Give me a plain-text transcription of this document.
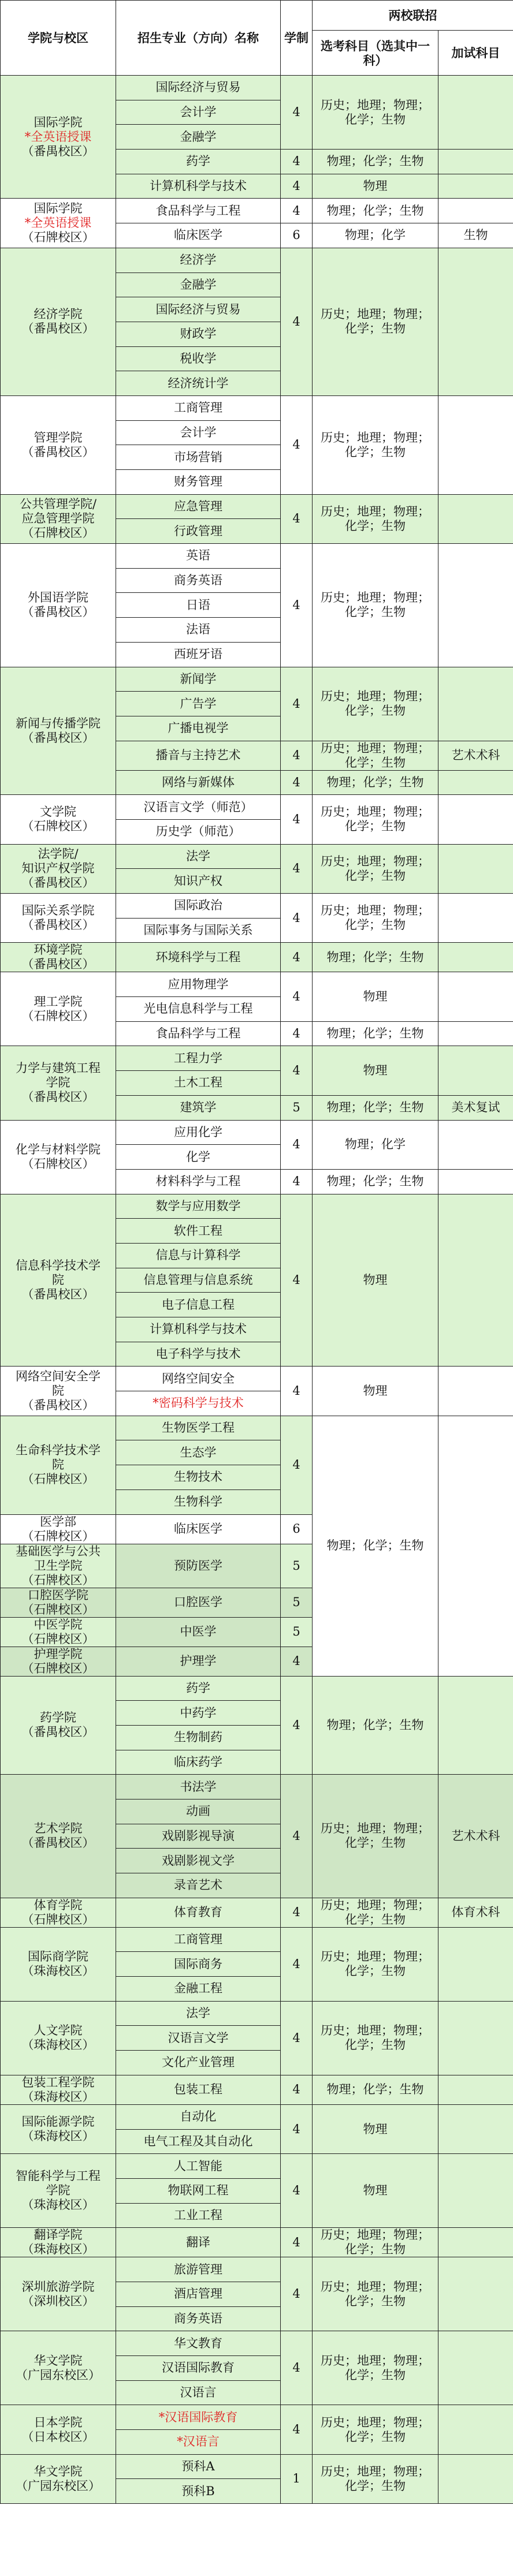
学院与校区	招生专业（方向）名称	学制	两校联招	
			选考科目（选其中一科）	加试科目

国际学院
*全英语授课
（番禺校区）	国际经济与贸易	4	历史；地理；物理；化学；生物	
	会计学			
	金融学			
	药学	4	物理；化学；生物	
	计算机科学与技术	4	物理	

国际学院
*全英语授课
（石牌校区）	食品科学与工程	4	物理；化学；生物	
	临床医学	6	物理；化学	生物

经济学院
（番禺校区）	经济学	4	历史；地理；物理；化学；生物	
	金融学			
	国际经济与贸易			
	财政学			
	税收学			
	经济统计学			

管理学院
（番禺校区）	工商管理	4	历史；地理；物理；化学；生物	
	会计学			
	市场营销			
	财务管理			

公共管理学院/
应急管理学院
（石牌校区）	应急管理	4	历史；地理；物理；化学；生物	
	行政管理			

外国语学院
（番禺校区）	英语	4	历史；地理；物理；化学；生物	
	商务英语			
	日语			
	法语			
	西班牙语			

新闻与传播学院
（番禺校区）	新闻学	4	历史；地理；物理；化学；生物	
	广告学			
	广播电视学			
	播音与主持艺术	4	历史；地理；物理；化学；生物	艺术术科
	网络与新媒体	4	物理；化学；生物	

文学院
（石牌校区）	汉语言文学（师范）	4	历史；地理；物理；化学；生物	
	历史学（师范）			

法学院/
知识产权学院
（番禺校区）	法学	4	历史；地理；物理；化学；生物	
	知识产权			

国际关系学院
（番禺校区）	国际政治	4	历史；地理；物理；化学；生物	
	国际事务与国际关系			

环境学院
（番禺校区）	环境科学与工程	4	物理；化学；生物	

理工学院
（石牌校区）	应用物理学	4	物理	
	光电信息科学与工程			
	食品科学与工程	4	物理；化学；生物	

力学与建筑工程
学院
（番禺校区）	工程力学	4	物理	
	土木工程			
	建筑学	5	物理；化学；生物	美术复试

化学与材料学院
（石牌校区）	应用化学	4	物理；化学	
	化学			
	材料科学与工程	4	物理；化学；生物	

信息科学技术学
院
（番禺校区）	数学与应用数学	4	物理	
	软件工程			
	信息与计算科学			
	信息管理与信息系统			
	电子信息工程			
	计算机科学与技术			
	电子科学与技术			

网络空间安全学
院
（番禺校区）	网络空间安全	4	物理	
	*密码科学与技术			

生命科学技术学
院
（石牌校区）	生物医学工程	4	物理；化学；生物	
	生态学			
	生物技术			
	生物科学			

医学部
（石牌校区）	临床医学	6		

基础医学与公共
卫生学院
（石牌校区）	预防医学	5		

口腔医学院
（石牌校区）	口腔医学	5		

中医学院
（石牌校区）	中医学	5		

护理学院
（石牌校区）	护理学	4		

药学院
（番禺校区）	药学	4	物理；化学；生物	
	中药学			
	生物制药			
	临床药学			

艺术学院
（番禺校区）	书法学	4	历史；地理；物理；化学；生物	艺术术科
	动画			
	戏剧影视导演			
	戏剧影视文学			
	录音艺术			

体育学院
（石牌校区）	体育教育	4	历史；地理；物理；化学；生物	体育术科

国际商学院
（珠海校区）	工商管理	4	历史；地理；物理；化学；生物	
	国际商务			
	金融工程			

人文学院
（珠海校区）	法学	4	历史；地理；物理；化学；生物	
	汉语言文学			
	文化产业管理			

包装工程学院
（珠海校区）	包装工程	4	物理；化学；生物	

国际能源学院
（珠海校区）	自动化	4	物理	
	电气工程及其自动化			

智能科学与工程
学院
（珠海校区）	人工智能	4	物理	
	物联网工程			
	工业工程			

翻译学院
（珠海校区）	翻译	4	历史；地理；物理；化学；生物	

深圳旅游学院
（深圳校区）	旅游管理	4	历史；地理；物理；化学；生物	
	酒店管理			
	商务英语			

华文学院
（广园东校区）	华文教育	4	历史；地理；物理；化学；生物	
	汉语国际教育			
	汉语言			

日本学院
（日本校区）	*汉语国际教育	4	历史；地理；物理；化学；生物	
	*汉语言			

华文学院
（广园东校区）	预科A	1	历史；地理；物理；化学；生物	
	预科B			
